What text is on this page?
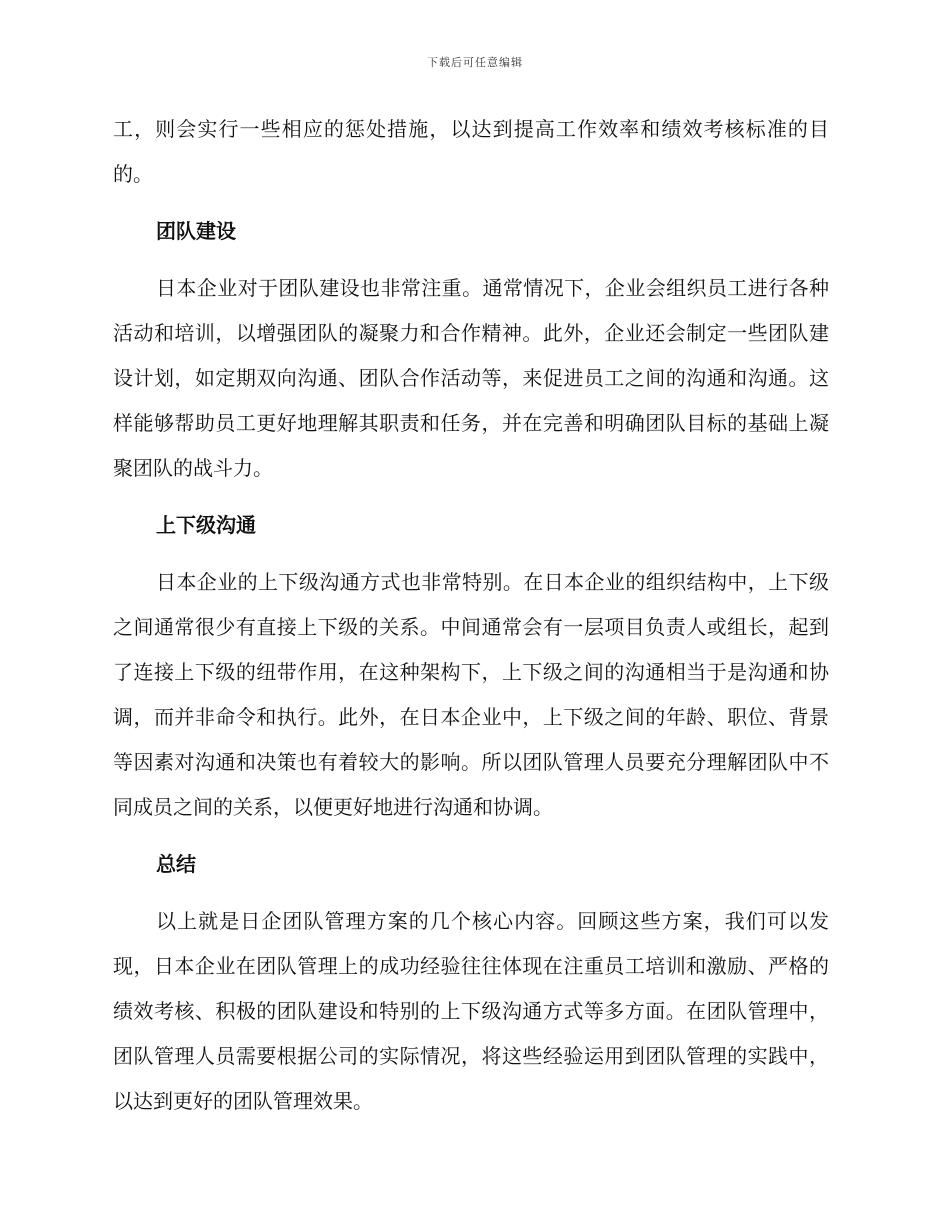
下载后可任意编辑

工，则会实行一些相应的惩处措施，以达到提高工作效率和绩效考核标准的目的。

团队建设

日本企业对于团队建设也非常注重。通常情况下，企业会组织员工进行各种活动和培训，以增强团队的凝聚力和合作精神。此外，企业还会制定一些团队建设计划，如定期双向沟通、团队合作活动等，来促进员工之间的沟通和沟通。这样能够帮助员工更好地理解其职责和任务，并在完善和明确团队目标的基础上凝聚团队的战斗力。

上下级沟通

日本企业的上下级沟通方式也非常特别。在日本企业的组织结构中，上下级之间通常很少有直接上下级的关系。中间通常会有一层项目负责人或组长，起到了连接上下级的纽带作用，在这种架构下，上下级之间的沟通相当于是沟通和协调，而并非命令和执行。此外，在日本企业中，上下级之间的年龄、职位、背景等因素对沟通和决策也有着较大的影响。所以团队管理人员要充分理解团队中不同成员之间的关系，以便更好地进行沟通和协调。

总结

以上就是日企团队管理方案的几个核心内容。回顾这些方案，我们可以发现，日本企业在团队管理上的成功经验往往体现在注重员工培训和激励、严格的绩效考核、积极的团队建设和特别的上下级沟通方式等多方面。在团队管理中，团队管理人员需要根据公司的实际情况，将这些经验运用到团队管理的实践中，以达到更好的团队管理效果。
